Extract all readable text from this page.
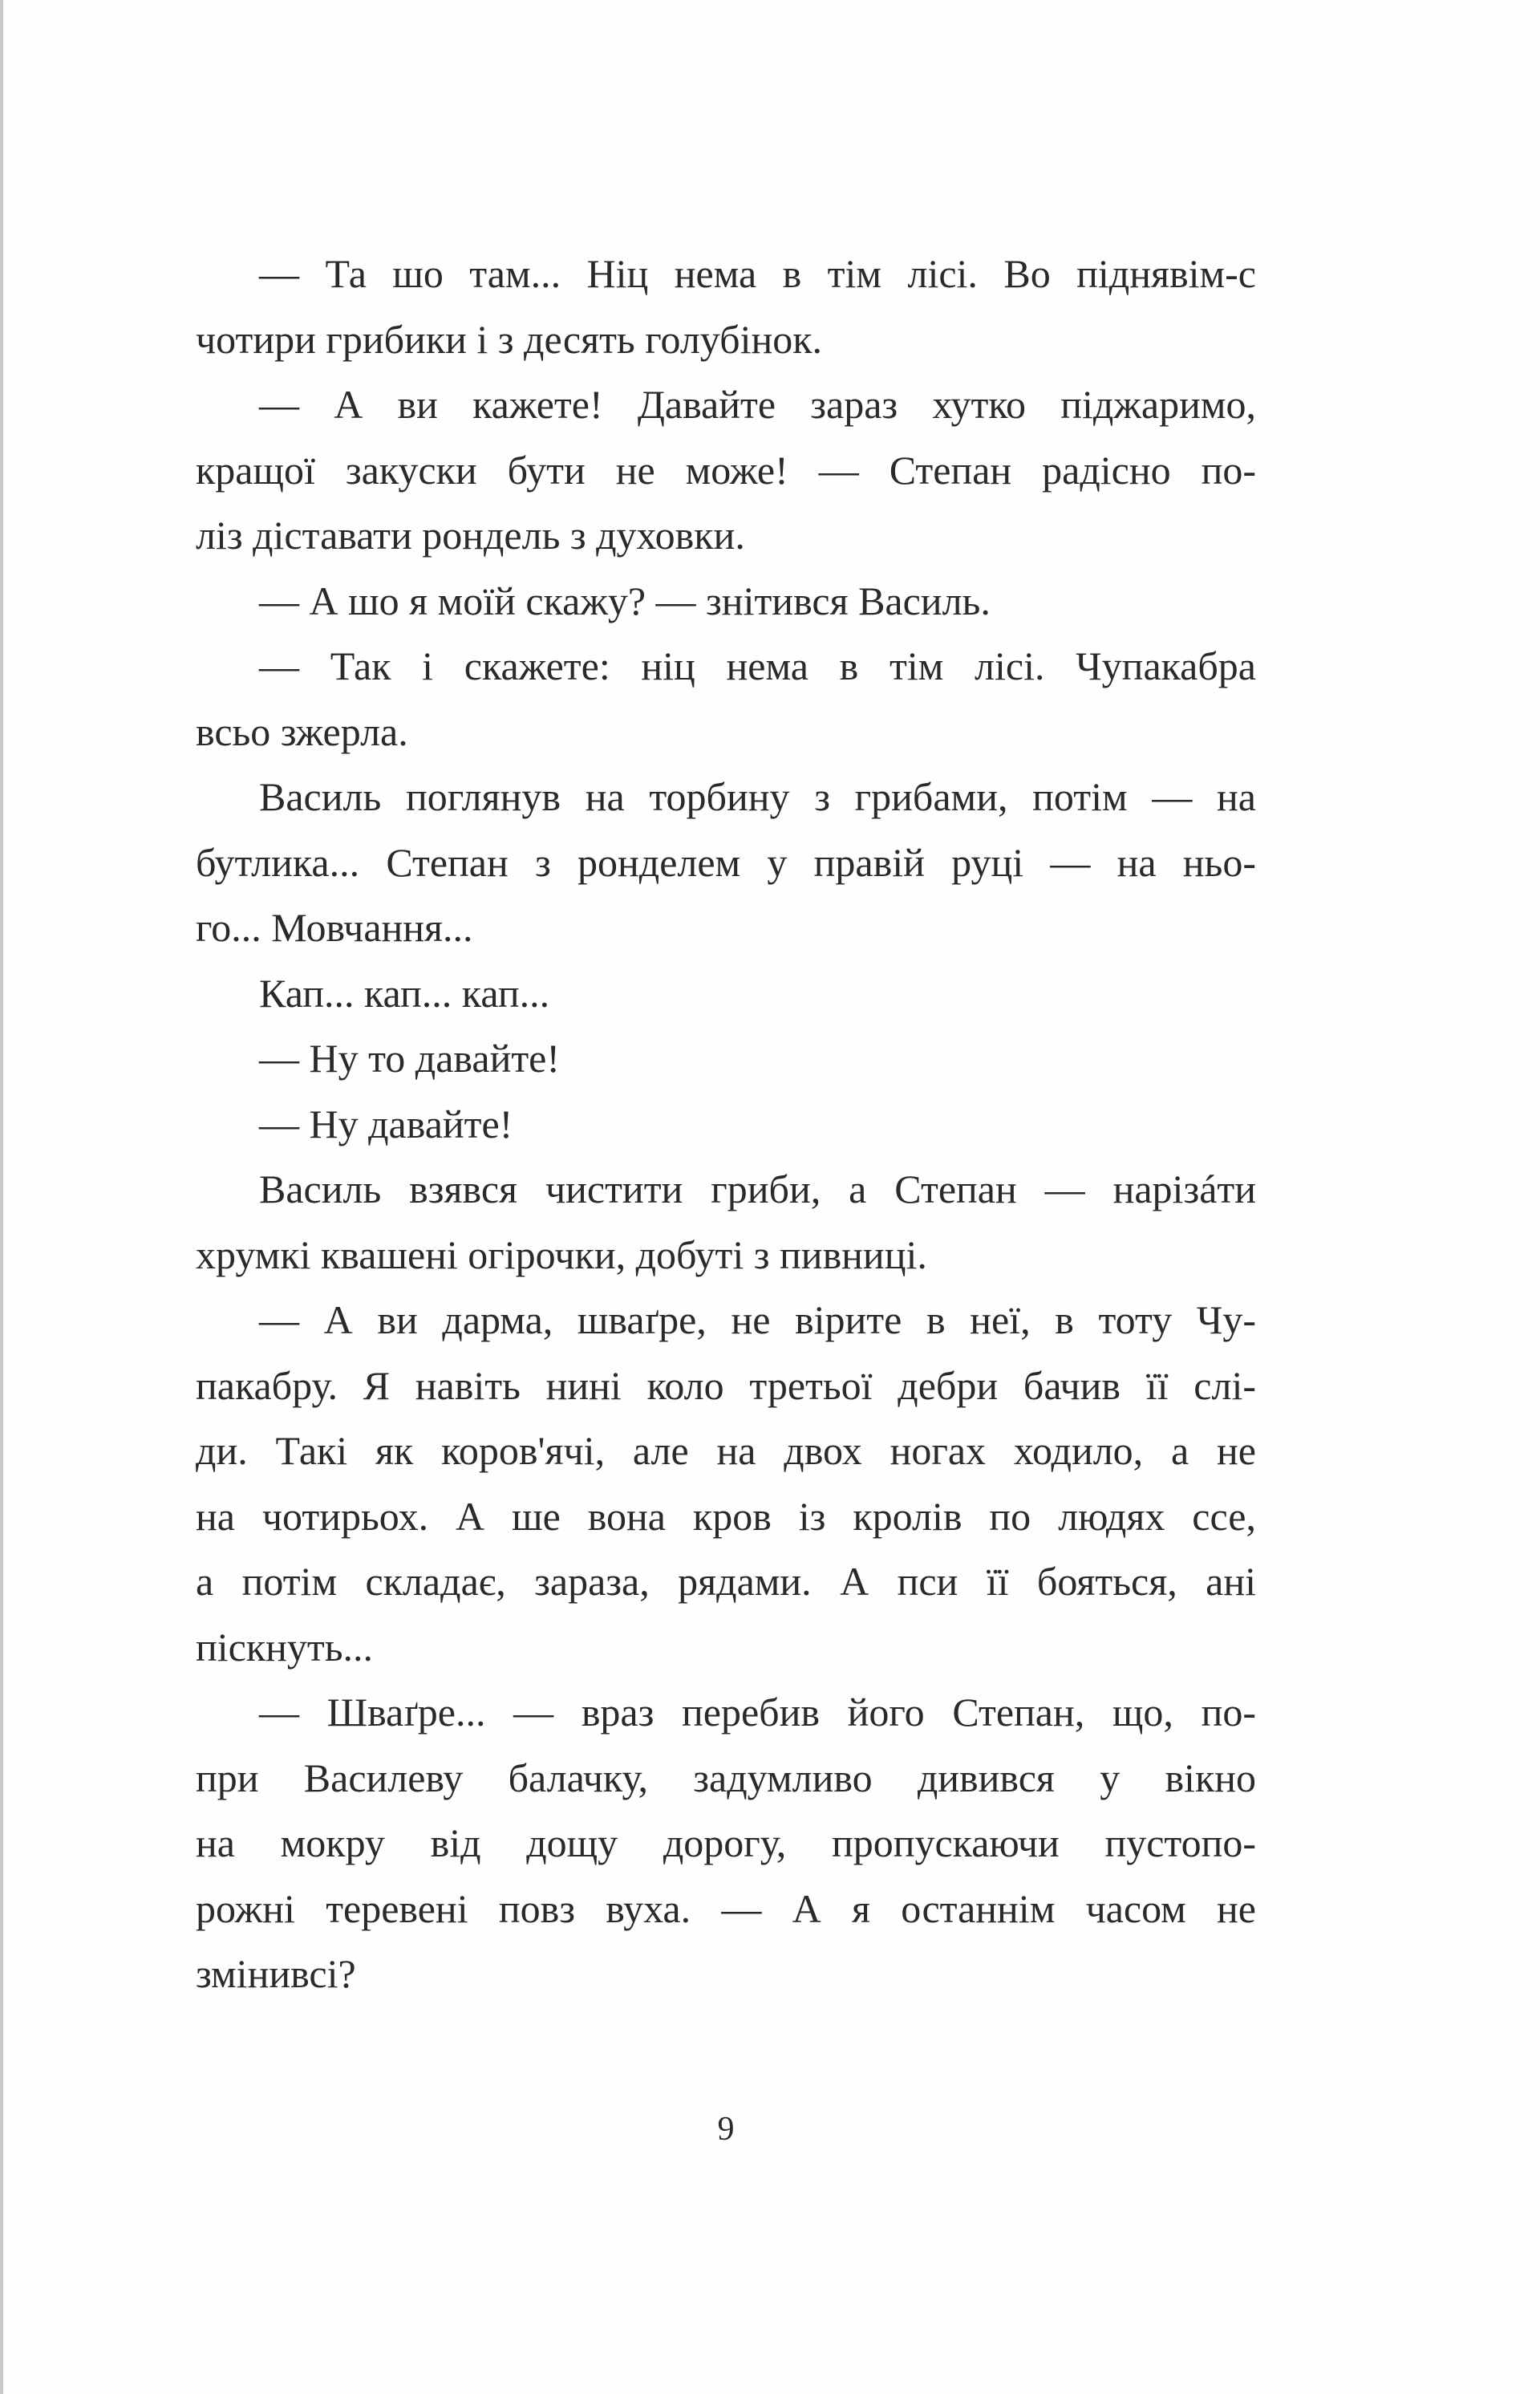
— Та шо там... Ніц нема в тім лісі. Во піднявім-с
чотири грибики і з десять голубінок.
— А ви кажете! Давайте зараз хутко піджаримо,
кращої закуски бути не може! — Степан радісно по-
ліз діставати рондель з духовки.
— А шо я моїй скажу? — знітився Василь.
— Так і скажете: ніц нема в тім лісі. Чупакабра
всьо зжерла.
Василь поглянув на торбину з грибами, потім — на
бутлика... Степан з ронделем у правій руці — на ньо-
го... Мовчання...
Кап... кап... кап...
— Ну то давайте!
— Ну давайте!
Василь взявся чистити гриби, а Степан — нарізáти
хрумкі квашені огірочки, добуті з пивниці.
— А ви дарма, шваґре, не вірите в неї, в тоту Чу-
пакабру. Я навіть нині коло третьої дебри бачив її слі-
ди. Такі як коров'ячі, але на двох ногах ходило, а не
на чотирьох. А ше вона кров із кролів по людях ссе,
а потім складає, зараза, рядами. А пси її бояться, ані
піскнуть...
— Шваґре... — враз перебив його Степан, що, по-
при Василеву балачку, задумливо дивився у вікно
на мокру від дощу дорогу, пропускаючи пустопо-
рожні теревені повз вуха. — А я останнім часом не
змінивсі?
9
